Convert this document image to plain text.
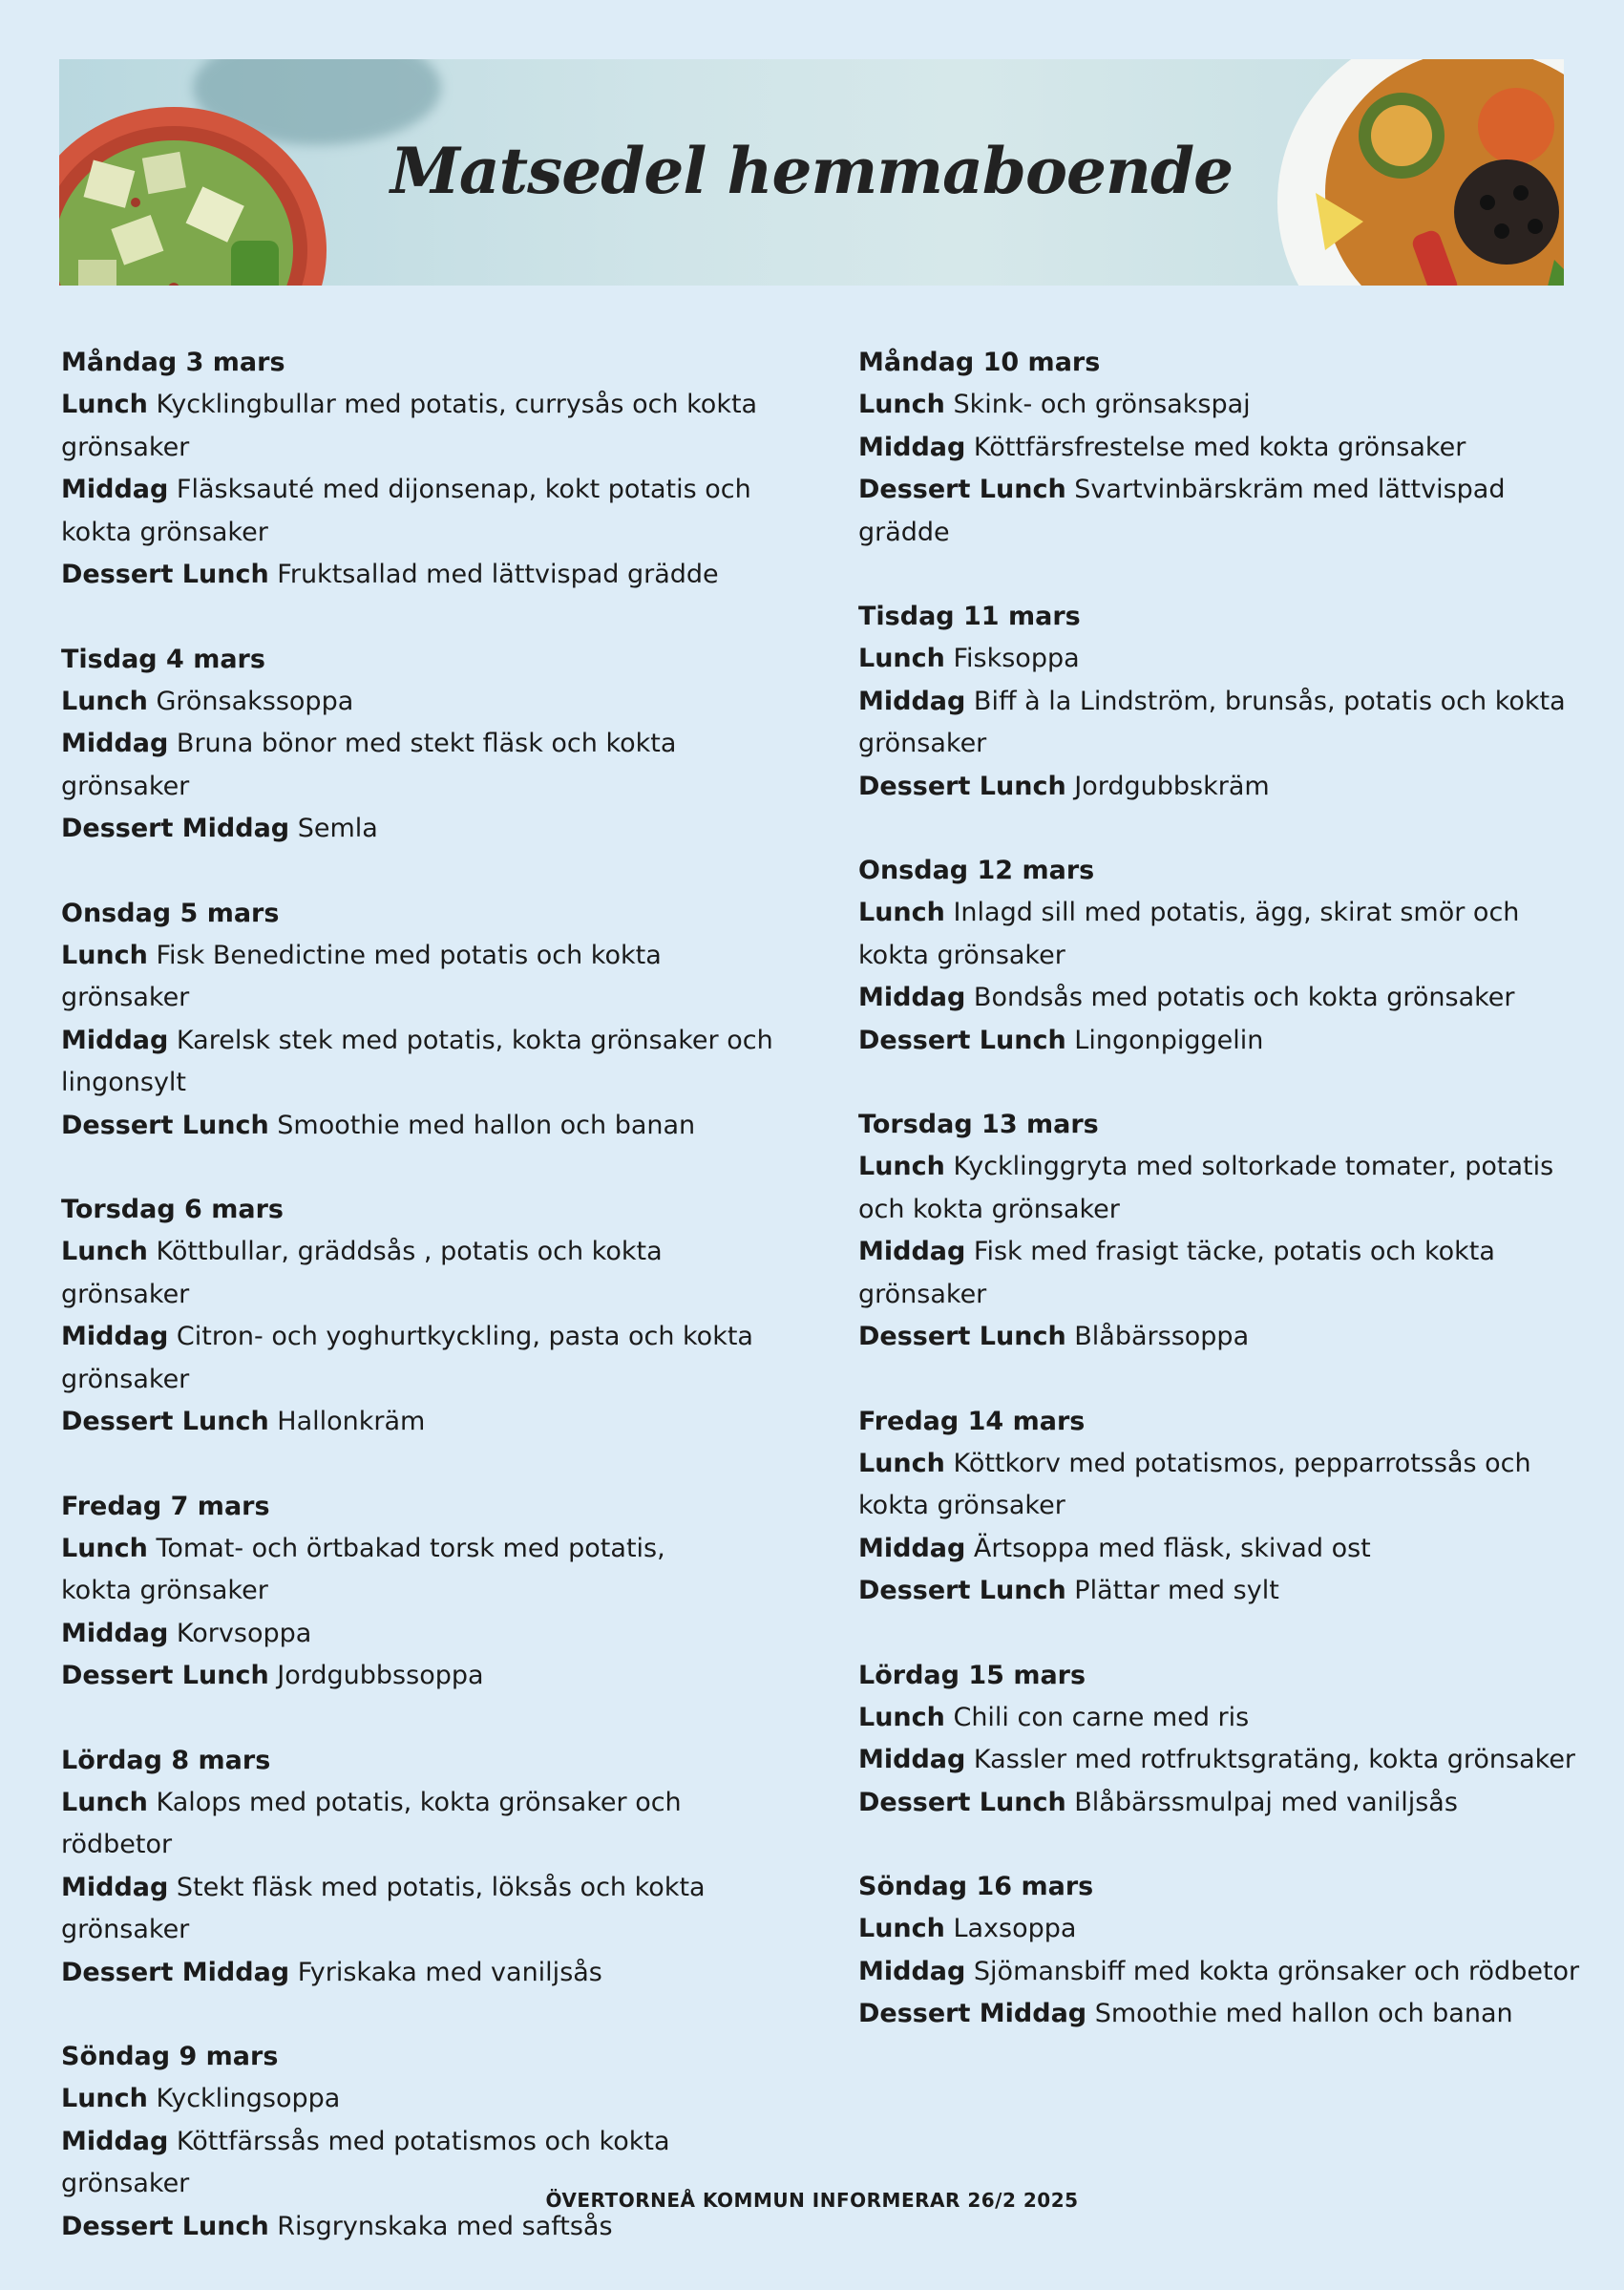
Matsedel hemmaboende
Måndag 3 mars
Lunch Kycklingbullar med potatis, currysås och kokta grönsaker
Middag Fläsksauté med dijonsenap, kokt potatis och kokta grönsaker
Dessert Lunch Fruktsallad med lättvispad grädde
Tisdag 4 mars
Lunch Grönsakssoppa
Middag Bruna bönor med stekt fläsk och kokta grönsaker
Dessert Middag Semla
Onsdag 5 mars
Lunch Fisk Benedictine med potatis och kokta grönsaker
Middag Karelsk stek med potatis, kokta grönsaker och lingonsylt
Dessert Lunch Smoothie med hallon och banan
Torsdag 6 mars
Lunch Köttbullar, gräddsås , potatis och kokta grönsaker
Middag Citron- och yoghurtkyckling, pasta och kokta grönsaker
Dessert Lunch Hallonkräm
Fredag 7 mars
Lunch Tomat- och örtbakad torsk med potatis,
kokta grönsaker
Middag Korvsoppa
Dessert Lunch Jordgubbssoppa
Lördag 8 mars
Lunch Kalops med potatis, kokta grönsaker och rödbetor
Middag Stekt fläsk med potatis, löksås och kokta grönsaker
Dessert Middag Fyriskaka med vaniljsås
Söndag 9 mars
Lunch Kycklingsoppa
Middag Köttfärssås med potatismos och kokta grönsaker
Dessert Lunch Risgrynskaka med saftsås
Måndag 10 mars
Lunch Skink- och grönsakspaj
Middag Köttfärsfrestelse med kokta grönsaker
Dessert Lunch Svartvinbärskräm med lättvispad grädde
Tisdag 11 mars
Lunch Fisksoppa
Middag Biff à la Lindström, brunsås, potatis och kokta grönsaker
Dessert Lunch Jordgubbskräm
Onsdag 12 mars
Lunch Inlagd sill med potatis, ägg, skirat smör och kokta grönsaker
Middag Bondsås med potatis och kokta grönsaker
Dessert Lunch Lingonpiggelin
Torsdag 13 mars
Lunch Kycklinggryta med soltorkade tomater, potatis och kokta grönsaker
Middag Fisk med frasigt täcke, potatis och kokta grönsaker
Dessert Lunch Blåbärssoppa
Fredag 14 mars
Lunch Köttkorv med potatismos, pepparrotssås och kokta grönsaker
Middag Ärtsoppa med fläsk, skivad ost
Dessert Lunch Plättar med sylt
Lördag 15 mars
Lunch Chili con carne med ris
Middag Kassler med rotfruktsgratäng, kokta grönsaker
Dessert Lunch Blåbärssmulpaj med vaniljsås
Söndag 16 mars
Lunch Laxsoppa
Middag Sjömansbiff med kokta grönsaker och rödbetor
Dessert Middag Smoothie med hallon och banan
ÖVERTORNEÅ KOMMUN INFORMERAR 26/2 2025
